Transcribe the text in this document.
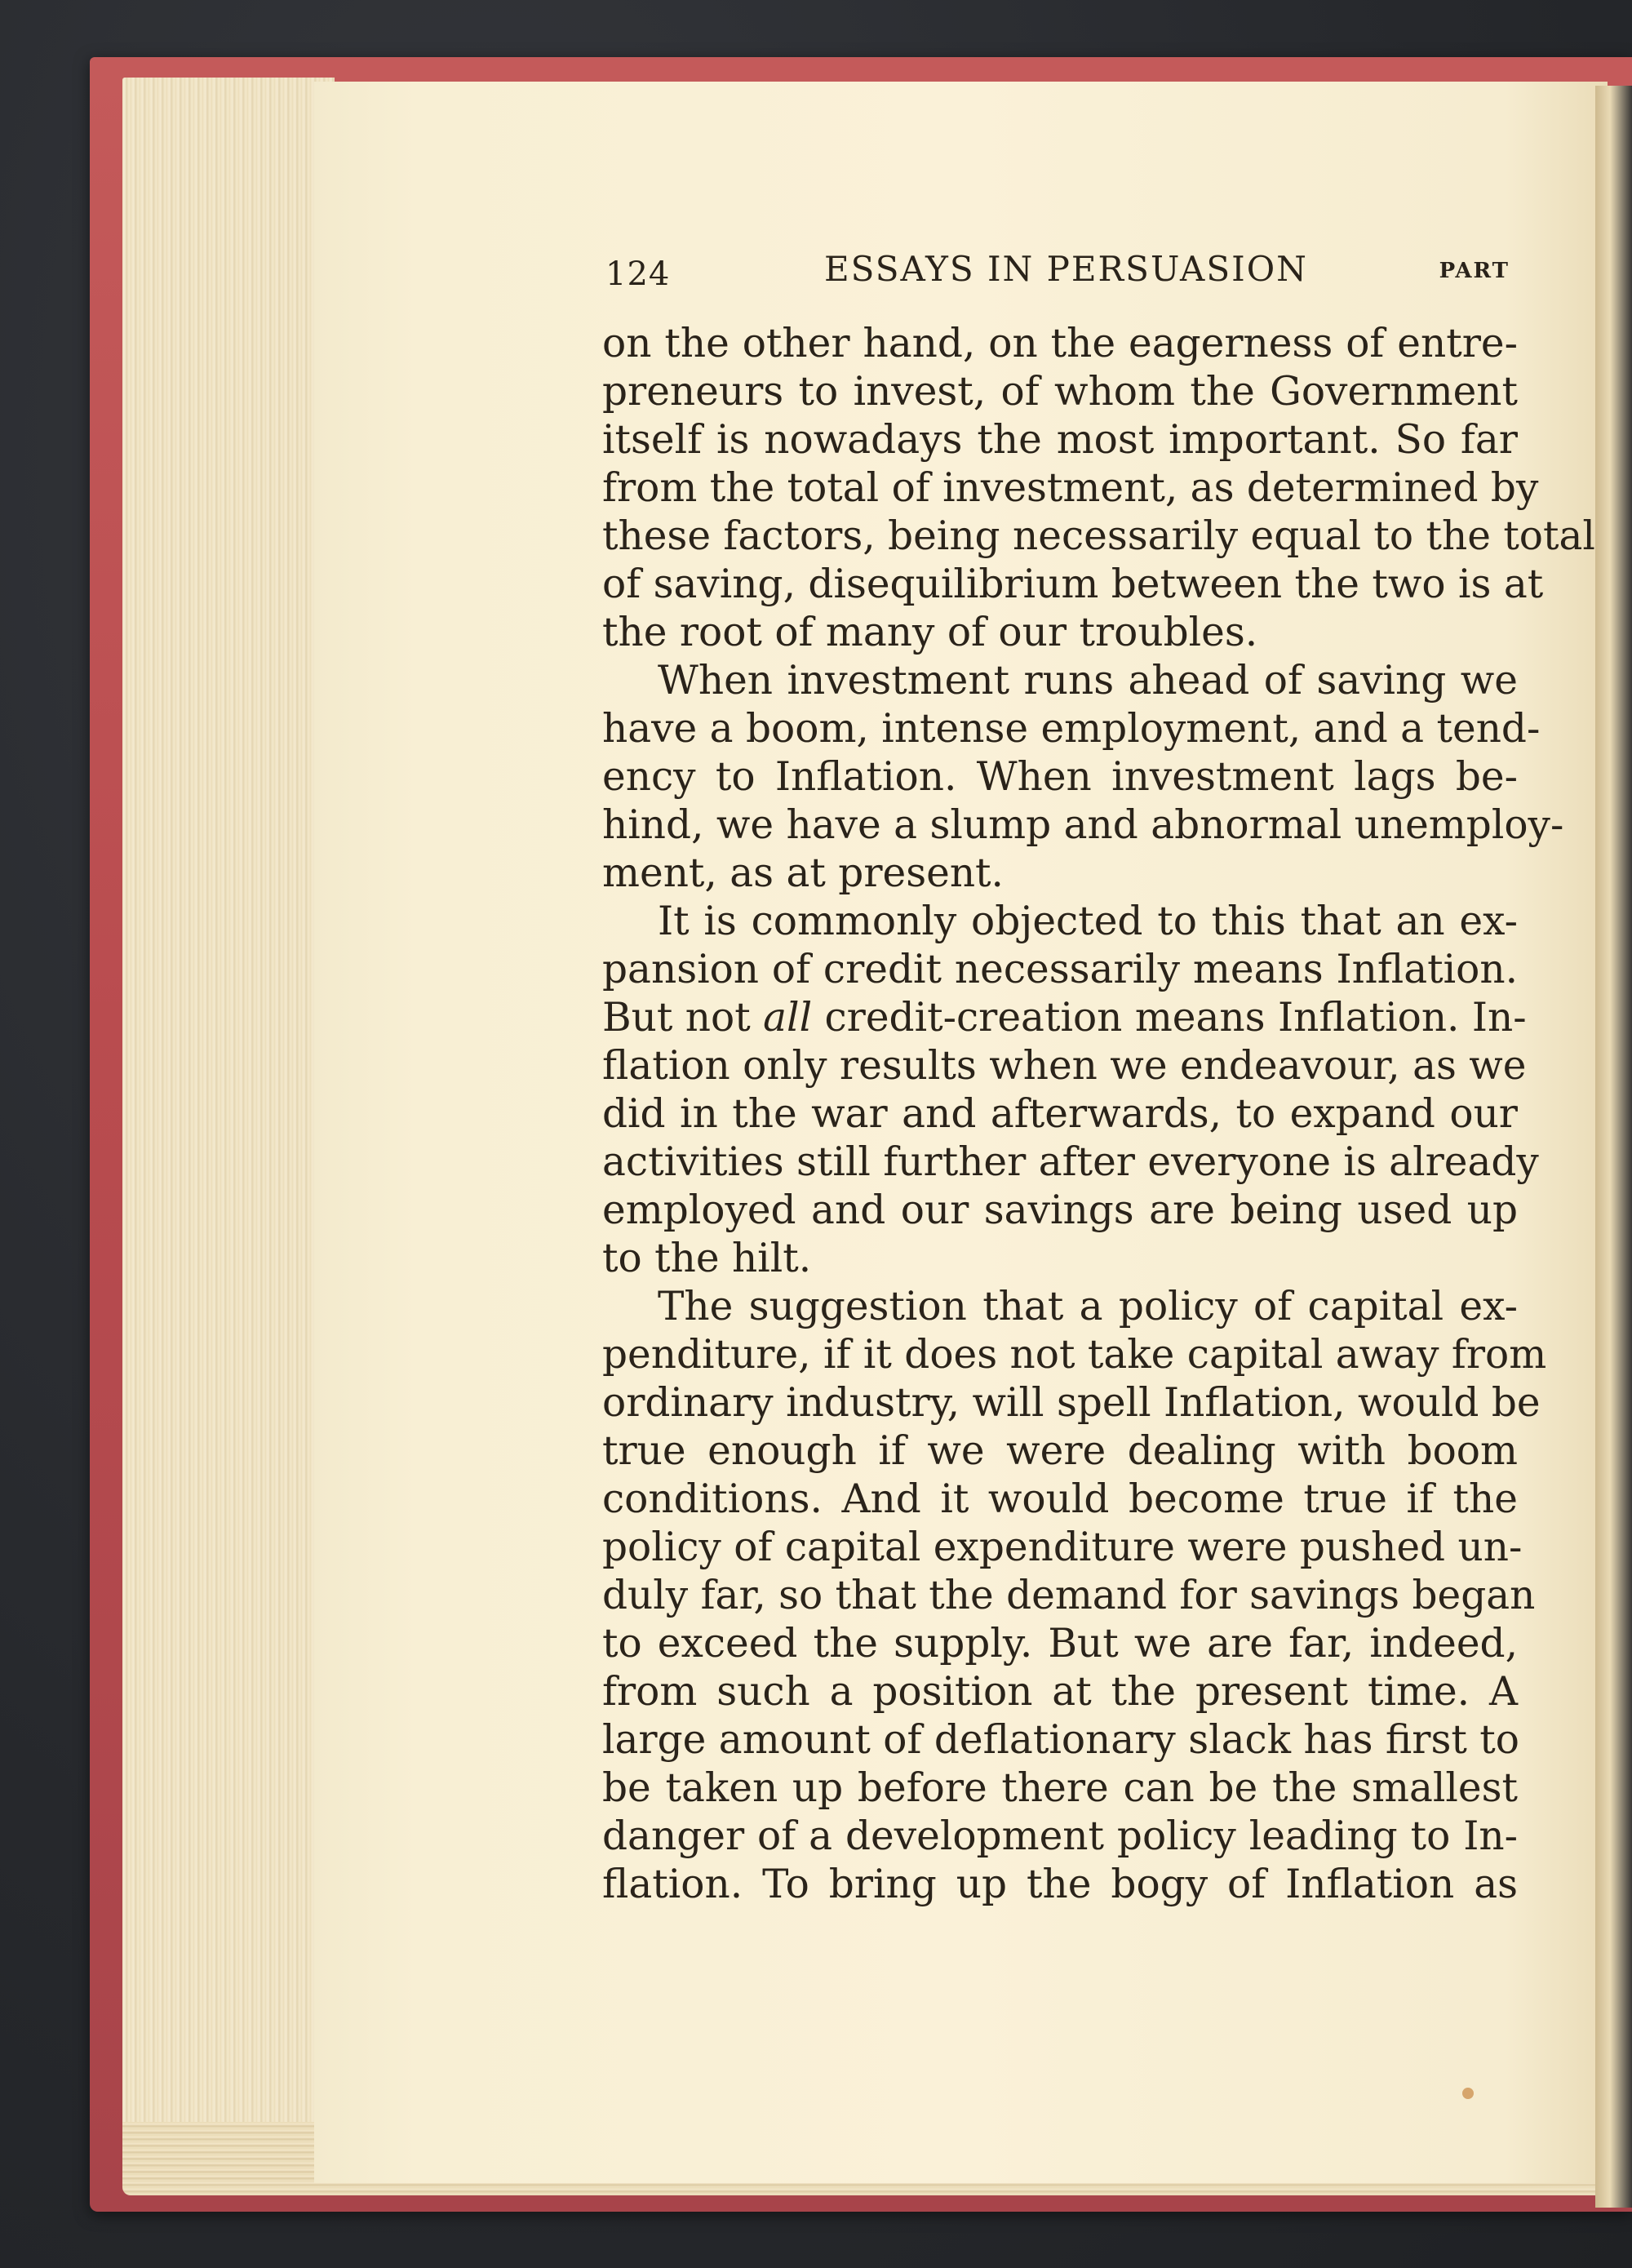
124	ESSAYS IN PERSUASION	PART
on the other hand, on the eagerness of entre-
preneurs to invest, of whom the Government
itself is nowadays the most important. So far
from the total of investment, as determined by
these factors, being necessarily equal to the total
of saving, disequilibrium between the two is at
the root of many of our troubles.
When investment runs ahead of saving we
have a boom, intense employment, and a tend-
ency to Inflation. When investment lags be-
hind, we have a slump and abnormal unemploy-
ment, as at present.
It is commonly objected to this that an ex-
pansion of credit necessarily means Inflation.
But not all credit-creation means Inflation. In-
flation only results when we endeavour, as we
did in the war and afterwards, to expand our
activities still further after everyone is already
employed and our savings are being used up
to the hilt.
The suggestion that a policy of capital ex-
penditure, if it does not take capital away from
ordinary industry, will spell Inflation, would be
true enough if we were dealing with boom
conditions. And it would become true if the
policy of capital expenditure were pushed un-
duly far, so that the demand for savings began
to exceed the supply. But we are far, indeed,
from such a position at the present time. A
large amount of deflationary slack has first to
be taken up before there can be the smallest
danger of a development policy leading to In-
flation. To bring up the bogy of Inflation as
